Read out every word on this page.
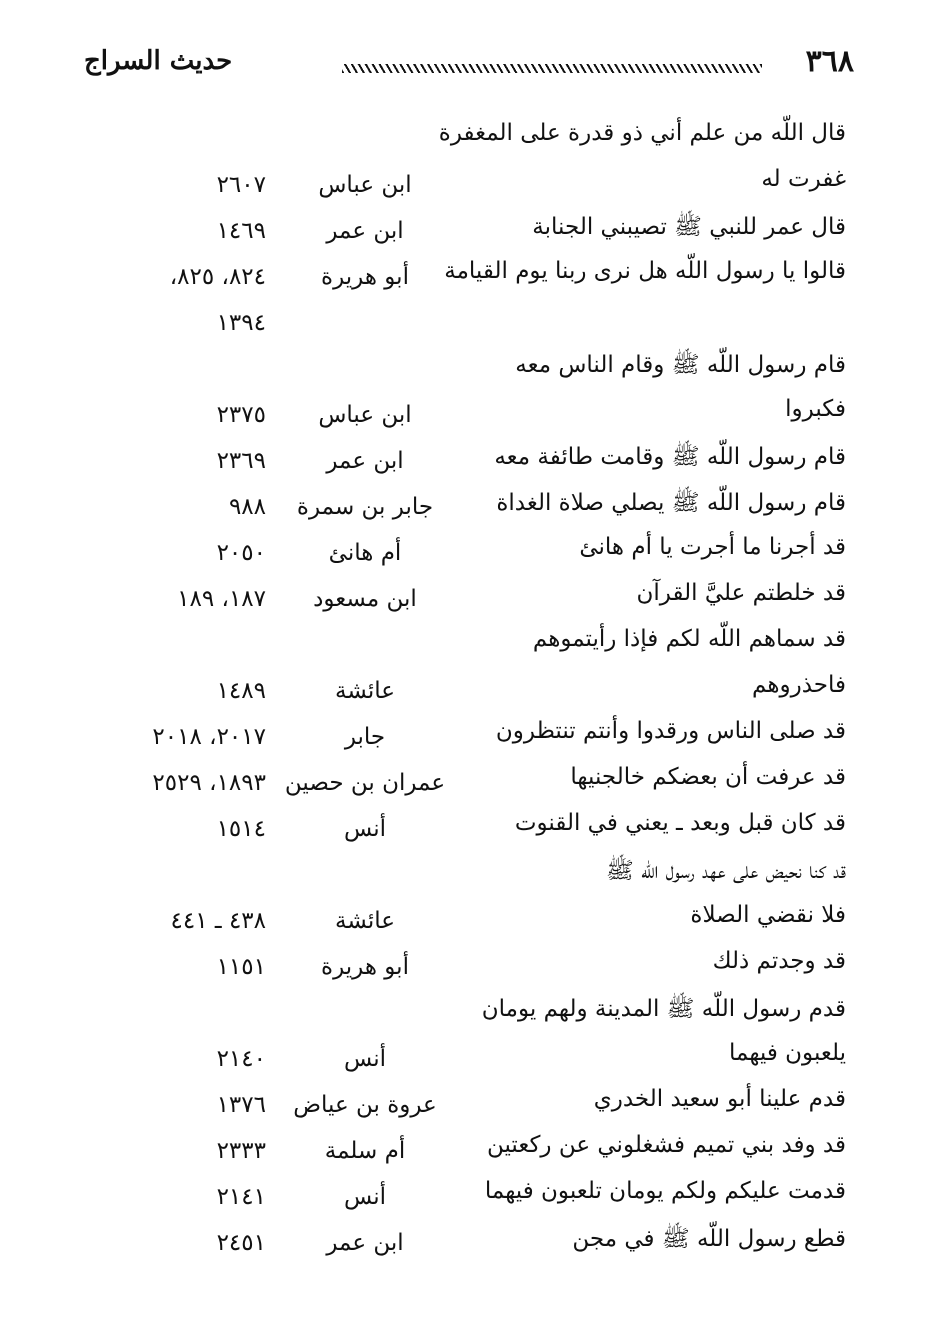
٣٦٨
حديث السراج
قال اللّه من علم أني ذو قدرة على المغفرة
غفرت له
ابن عباس
٢٦٠٧
قال عمر للنبي ﷺ تصيبني الجنابة
ابن عمر
١٤٦٩
قالوا يا رسول اللّه هل نرى ربنا يوم القيامة
أبو هريرة
٨٢٤، ٨٢٥،
١٣٩٤
قام رسول اللّه ﷺ وقام الناس معه
فكبروا
ابن عباس
٢٣٧٥
قام رسول اللّه ﷺ وقامت طائفة معه
ابن عمر
٢٣٦٩
قام رسول اللّه ﷺ يصلي صلاة الغداة
جابر بن سمرة
٩٨٨
قد أجرنا ما أجرت يا أم هانئ
أم هانئ
٢٠٥٠
قد خلطتم عليَّ القرآن
ابن مسعود
١٨٧، ١٨٩
قد سماهم اللّه لكم فإذا رأيتموهم
فاحذروهم
عائشة
١٤٨٩
قد صلى الناس ورقدوا وأنتم تنتظرون
جابر
٢٠١٧، ٢٠١٨
قد عرفت أن بعضكم خالجنيها
عمران بن حصين
١٨٩٣، ٢٥٢٩
قد كان قبل وبعد ـ يعني في القنوت
أنس
١٥١٤
قد كنا نحيض على عهد رسول اللّه ﷺ
فلا نقضي الصلاة
عائشة
٤٣٨ ـ ٤٤١
قد وجدتم ذلك
أبو هريرة
١١٥١
قدم رسول اللّه ﷺ المدينة ولهم يومان
يلعبون فيهما
أنس
٢١٤٠
قدم علينا أبو سعيد الخدري
عروة بن عياض
١٣٧٦
قد وفد بني تميم فشغلوني عن ركعتين
أم سلمة
٢٣٣٣
قدمت عليكم ولكم يومان تلعبون فيهما
أنس
٢١٤١
قطع رسول اللّه ﷺ في مجن
ابن عمر
٢٤٥١
